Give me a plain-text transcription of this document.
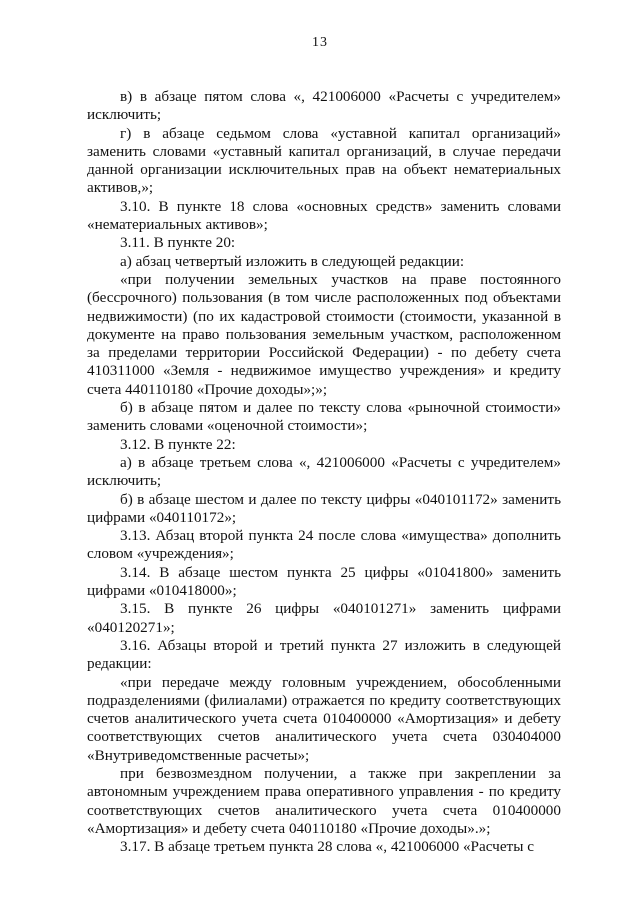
13

в) в абзаце пятом слова «, 421006000 «Расчеты с учредителем» исключить;

г) в абзаце седьмом слова «уставной капитал организаций» заменить словами «уставный капитал организаций, в случае передачи данной организации исключительных прав на объект нематериальных активов,»;

3.10. В пункте 18 слова «основных средств» заменить словами «нематериальных активов»;

3.11. В пункте 20:

а) абзац четвертый изложить в следующей редакции:

«при получении земельных участков на праве постоянного (бессрочного) пользования (в том числе расположенных под объектами недвижимости) (по их кадастровой стоимости (стоимости, указанной в документе на право пользования земельным участком, расположенном за пределами территории Российской Федерации) - по дебету счета 410311000 «Земля - недвижимое имущество учреждения» и кредиту счета 440110180 «Прочие доходы»;»;

б) в абзаце пятом и далее по тексту слова «рыночной стоимости» заменить словами «оценочной стоимости»;

3.12. В пункте 22:

а) в абзаце третьем слова «, 421006000 «Расчеты с учредителем» исключить;

б) в абзаце шестом и далее по тексту цифры «040101172» заменить цифрами «040110172»;

3.13. Абзац второй пункта 24 после слова «имущества» дополнить словом «учреждения»;

3.14. В абзаце шестом пункта 25 цифры «01041800» заменить цифрами «010418000»;

3.15. В пункте 26 цифры «040101271» заменить цифрами «040120271»;

3.16. Абзацы второй и третий пункта 27 изложить в следующей редакции:

«при передаче между головным учреждением, обособленными подразделениями (филиалами) отражается по кредиту соответствующих счетов аналитического учета счета 010400000 «Амортизация» и дебету соответствующих счетов аналитического учета счета 030404000 «Внутриведомственные расчеты»;

при безвозмездном получении, а также при закреплении за автономным учреждением права оперативного управления - по кредиту соответствующих счетов аналитического учета счета 010400000 «Амортизация» и дебету счета 040110180 «Прочие доходы».»;

3.17. В абзаце третьем пункта 28 слова «, 421006000 «Расчеты с
